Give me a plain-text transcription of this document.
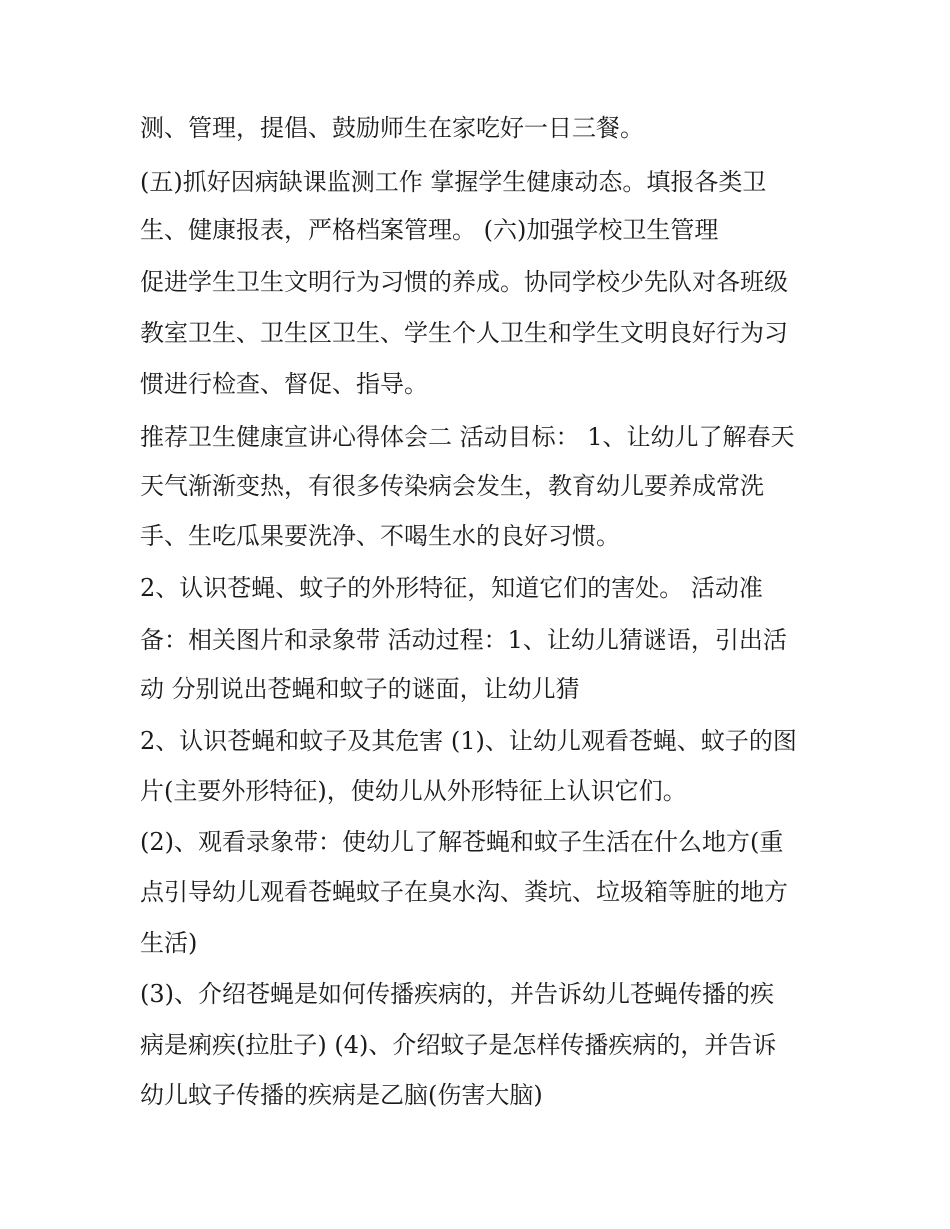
测、管理，提倡、鼓励师生在家吃好一日三餐。
(五)抓好因病缺课监测工作 掌握学生健康动态。填报各类卫
生、健康报表，严格档案管理。 (六)加强学校卫生管理
促进学生卫生文明行为习惯的养成。协同学校少先队对各班级
教室卫生、卫生区卫生、学生个人卫生和学生文明良好行为习
惯进行检查、督促、指导。
推荐卫生健康宣讲心得体会二 活动目标： 1、让幼儿了解春天
天气渐渐变热，有很多传染病会发生，教育幼儿要养成常洗
手、生吃瓜果要洗净、不喝生水的良好习惯。
2、认识苍蝇、蚊子的外形特征，知道它们的害处。 活动准
备：相关图片和录象带 活动过程：1、让幼儿猜谜语，引出活
动 分别说出苍蝇和蚊子的谜面，让幼儿猜
2、认识苍蝇和蚊子及其危害 (1)、让幼儿观看苍蝇、蚊子的图
片(主要外形特征)，使幼儿从外形特征上认识它们。
(2)、观看录象带：使幼儿了解苍蝇和蚊子生活在什么地方(重
点引导幼儿观看苍蝇蚊子在臭水沟、粪坑、垃圾箱等脏的地方
生活)
(3)、介绍苍蝇是如何传播疾病的，并告诉幼儿苍蝇传播的疾
病是痢疾(拉肚子) (4)、介绍蚊子是怎样传播疾病的，并告诉
幼儿蚊子传播的疾病是乙脑(伤害大脑)
